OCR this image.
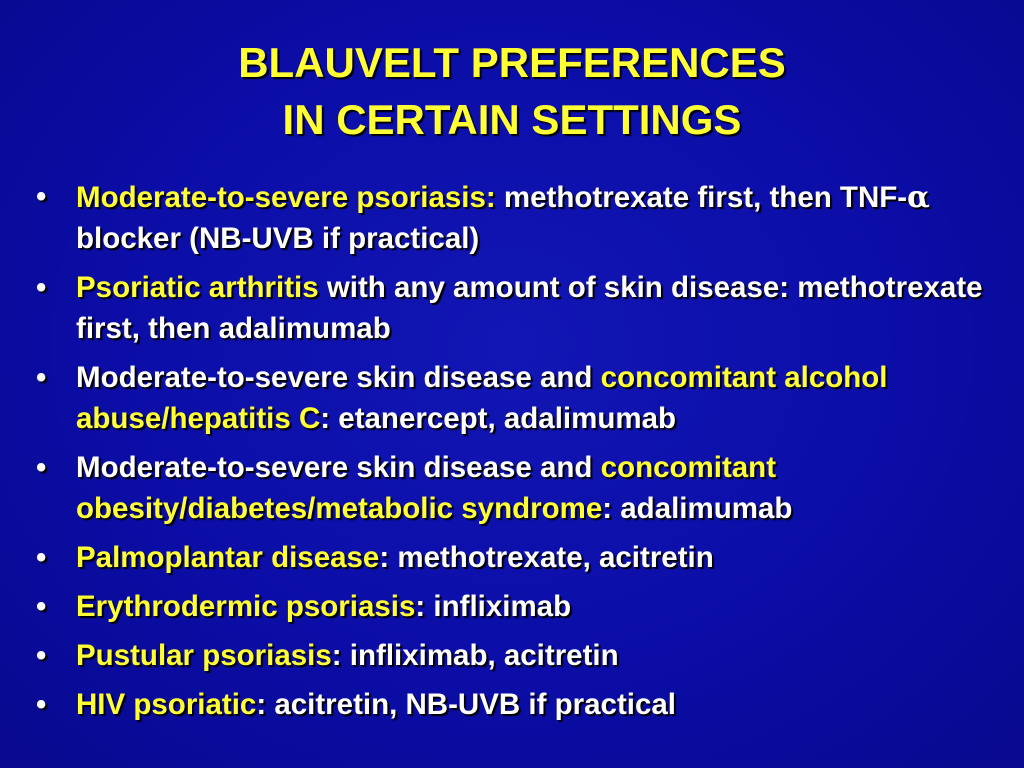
BLAUVELT PREFERENCES
IN CERTAIN SETTINGS
• Moderate-to-severe psoriasis: methotrexate first, then TNF-α blocker (NB-UVB if practical)
• Psoriatic arthritis with any amount of skin disease: methotrexate first, then adalimumab
• Moderate-to-severe skin disease and concomitant alcohol abuse/hepatitis C: etanercept, adalimumab
• Moderate-to-severe skin disease and concomitant obesity/diabetes/metabolic syndrome: adalimumab
• Palmoplantar disease: methotrexate, acitretin
• Erythrodermic psoriasis: infliximab
• Pustular psoriasis: infliximab, acitretin
• HIV psoriatic: acitretin, NB-UVB if practical
